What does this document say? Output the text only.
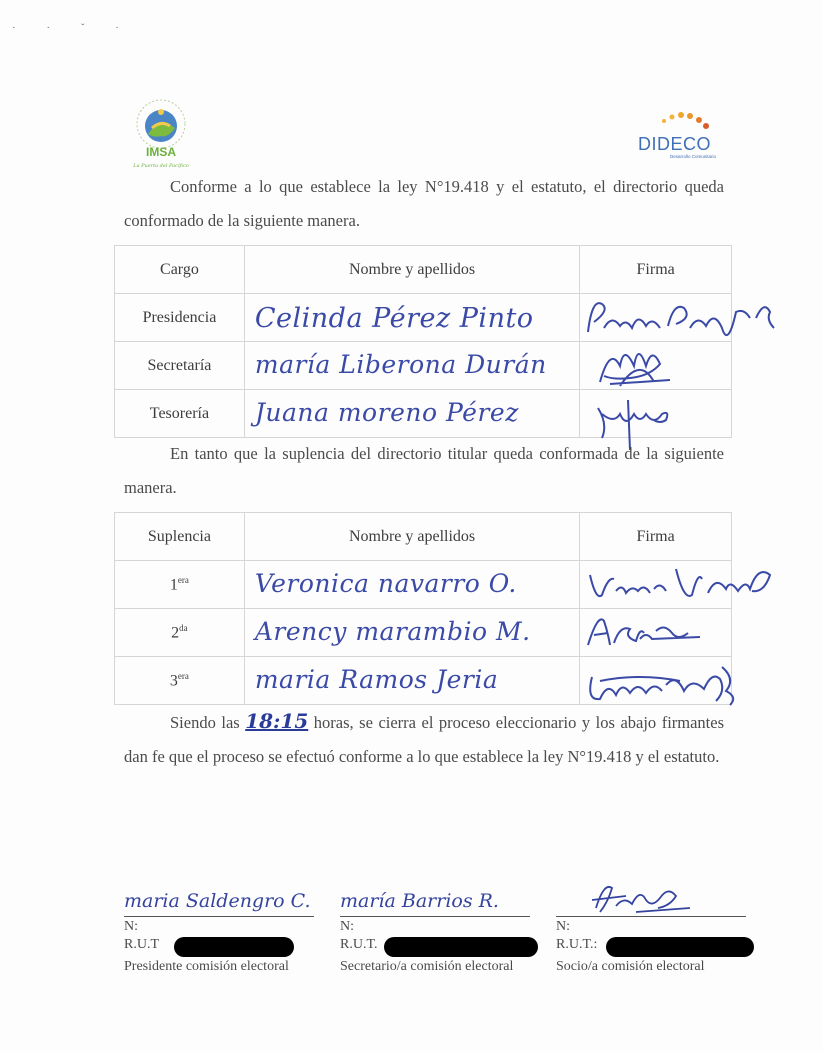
· · ˇ ·
IMSA
La Puerta del Pacífico
DIDECO
Desarrollo Comunitario

Conforme a lo que establece la ley N°19.418 y el estatuto, el directorio queda conformado de la siguiente manera.

Cargo	Nombre y apellidos	Firma
Presidencia	Celinda Pérez Pinto

Secretaría	maría Liberona Durán

Tesorería	Juana moreno Pérez

En tanto que la suplencia del directorio titular queda conformada de la siguiente manera.

Suplencia	Nombre y apellidos	Firma
$1^{era}$	Veronica navarro O.

$2^{da}$	Arency marambio M.

$3^{era}$	maria Ramos Jeria

Siendo las 18:15 horas, se cierra el proceso eleccionario y los abajo firmantes dan fe que el proceso se efectuó conforme a lo que establece la ley N°19.418 y el estatuto.

maria Saldengro C.
N:
R.U.T
Presidente comisión electoral
maría Barrios R.
N:
R.U.T.
Secretario/a comisión electoral
N:
R.U.T.:
Socio/a comisión electoral
